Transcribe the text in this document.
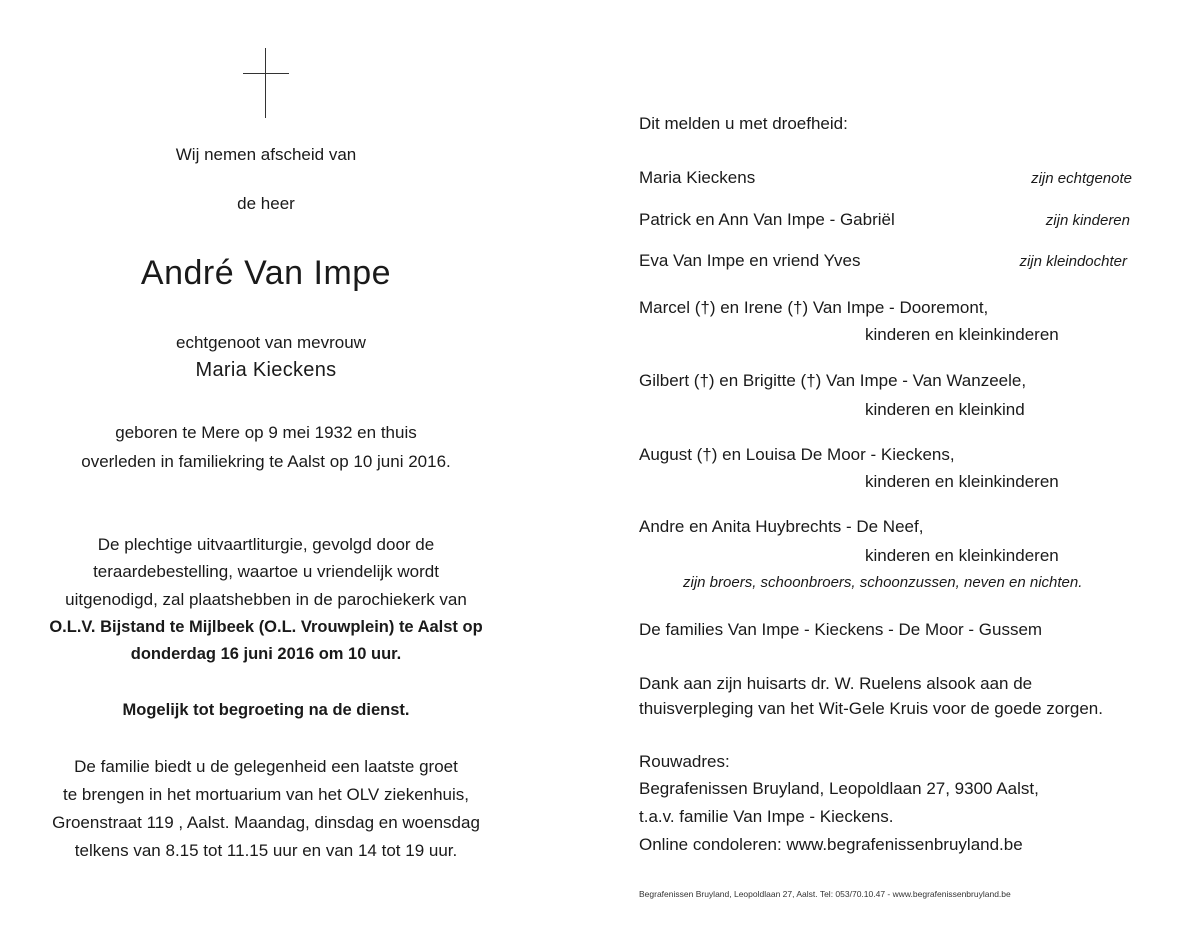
Wij nemen afscheid van
de heer
André Van Impe
echtgenoot van mevrouw
Maria Kieckens
geboren te Mere op 9 mei 1932 en thuis
overleden in familiekring te Aalst op 10 juni 2016.
De plechtige uitvaartliturgie, gevolgd door de
teraardebestelling, waartoe u vriendelijk wordt
uitgenodigd, zal plaatshebben in de parochiekerk van
O.L.V. Bijstand te Mijlbeek (O.L. Vrouwplein) te Aalst op
donderdag 16 juni 2016 om 10 uur.
Mogelijk tot begroeting na de dienst.
De familie biedt u de gelegenheid een laatste groet
te brengen in het mortuarium van het OLV ziekenhuis,
Groenstraat 119 , Aalst. Maandag, dinsdag en woensdag
telkens van 8.15 tot 11.15 uur en van 14 tot 19 uur.
Dit melden u met droefheid:
Maria Kieckens	zijn echtgenote
Patrick en Ann Van Impe - Gabriël	zijn kinderen
Eva Van Impe en vriend Yves	zijn kleindochter
Marcel (†) en Irene (†) Van Impe - Dooremont,
kinderen en kleinkinderen
Gilbert (†) en Brigitte (†) Van Impe - Van Wanzeele,
kinderen en kleinkind
August (†) en Louisa De Moor - Kieckens,
kinderen en kleinkinderen
Andre en Anita Huybrechts - De Neef,
kinderen en kleinkinderen
zijn broers, schoonbroers, schoonzussen, neven en nichten.
De families Van Impe - Kieckens - De Moor - Gussem
Dank aan zijn huisarts dr. W. Ruelens alsook aan de
thuisverpleging van het Wit-Gele Kruis voor de goede zorgen.
Rouwadres:
Begrafenissen Bruyland, Leopoldlaan 27, 9300 Aalst,
t.a.v. familie Van Impe - Kieckens.
Online condoleren: www.begrafenissenbruyland.be
Begrafenissen Bruyland, Leopoldlaan 27, Aalst. Tel: 053/70.10.47 - www.begrafenissenbruyland.be
